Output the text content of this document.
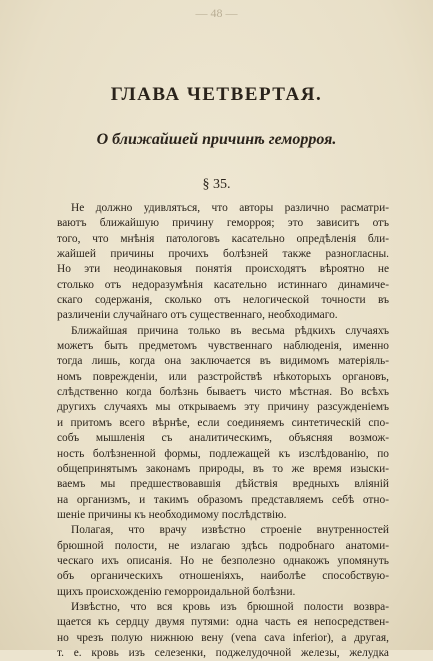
— 48 —
ГЛАВА ЧЕТВЕРТАЯ.
О ближайшей причинѣ геморроя.
§ 35.
Не должно удивляться, что авторы различно расматри-
ваютъ ближайшую причину геморроя; это зависитъ отъ
того, что мнѣнія патологовъ касательно опредѣленія бли-
жайшей причины прочихъ болѣзней также разногласны.
Но эти неодинаковыя понятія происходятъ вѣроятно не
столько отъ недоразумѣнія касательно истиннаго динамиче-
скаго содержанія, сколько отъ нелогической точности въ
различеніи случайнаго отъ существеннаго, необходимаго.
Ближайшая причина только въ весьма рѣдкихъ случаяхъ
можетъ быть предметомъ чувственнаго наблюденія, именно
тогда лишь, когда она заключается въ видимомъ матеріяль-
номъ поврежденіи, или разстройствѣ нѣкоторыхъ органовъ,
слѣдственно когда болѣзнь бываетъ чисто мѣстная. Во всѣхъ
другихъ случаяхъ мы открываемъ эту причину разсужденіемъ
и притомъ всего вѣрнѣе, если соединяемъ синтетическій спо-
собъ мышленія съ аналитическимъ, объясняя возмож-
ность болѣзненной формы, подлежащей къ изслѣдованію, по
общепринятымъ законамъ природы, въ то же время изыски-
ваемъ мы предшествовавшія дѣйствія вредныхъ вліяній
на организмъ, и такимъ образомъ представляемъ себѣ отно-
шеніе причины къ необходимому послѣдствію.
Полагая, что врачу извѣстно строеніе внутренностей
брюшной полости, не излагаю здѣсь подробнаго анатоми-
ческаго ихъ описанія. Но не безполезно однакожъ упомянуть
объ органическихъ отношеніяхъ, наиболѣе способствую-
щихъ происхожденію геморроидальной болѣзни.
Извѣстно, что вся кровь изъ брюшной полости возвра-
щается къ сердцу двумя путями: одна часть ея непосредствен-
но чрезъ полую нижнюю вену (vena cava inferior), а другая,
т. е. кровь изъ селезенки, поджелудочной железы, желудка
